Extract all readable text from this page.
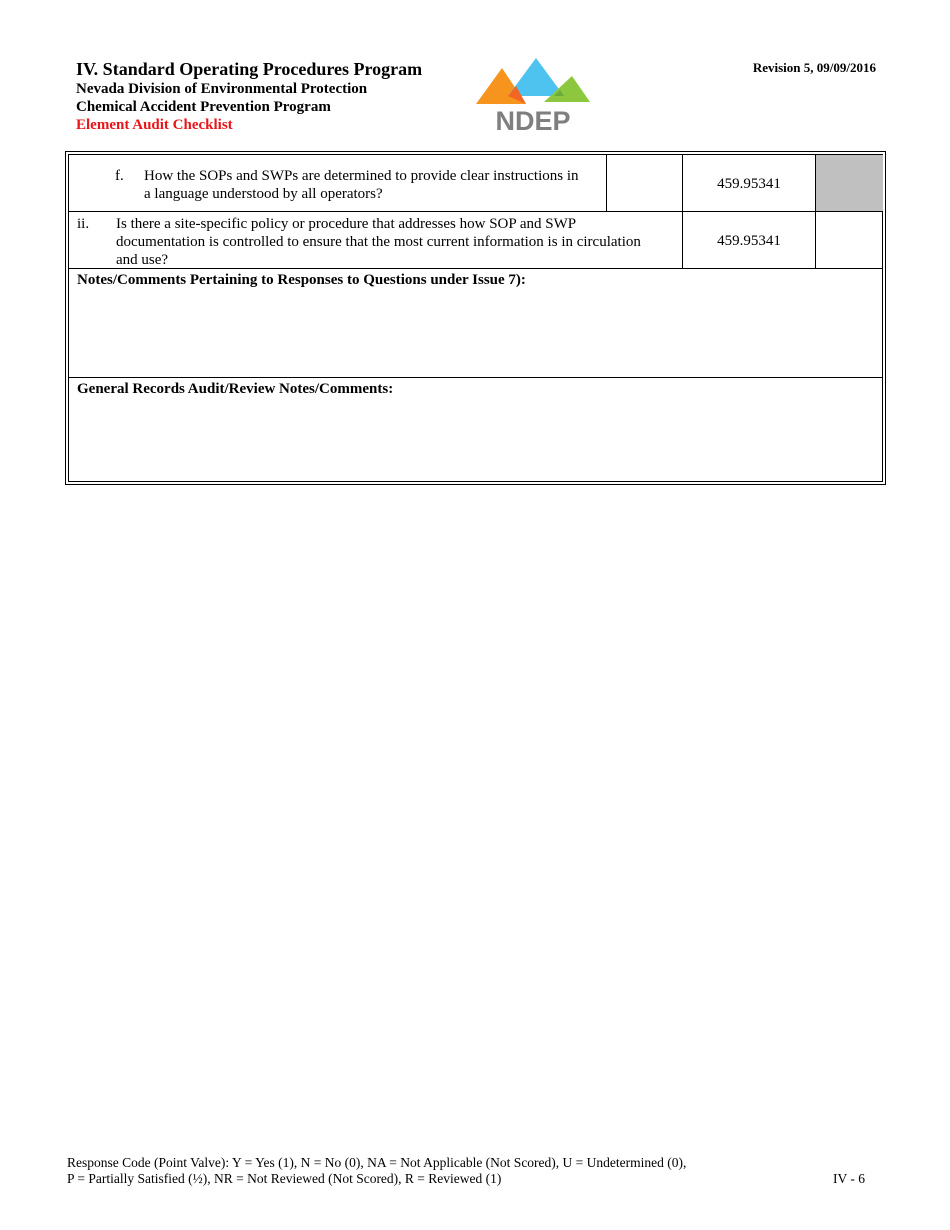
IV. Standard Operating Procedures Program
Nevada Division of Environmental Protection
Chemical Accident Prevention Program
Element Audit Checklist
Revision 5, 09/09/2016
NDEP
f. How the SOPs and SWPs are determined to provide clear instructions in
a language understood by all operators?
459.95341
ii. Is there a site-specific policy or procedure that addresses how SOP and SWP
documentation is controlled to ensure that the most current information is in circulation
and use?
459.95341
Notes/Comments Pertaining to Responses to Questions under Issue 7):
General Records Audit/Review Notes/Comments:
Response Code (Point Valve): Y = Yes (1), N = No (0), NA = Not Applicable (Not Scored), U = Undetermined (0),
P = Partially Satisfied (½), NR = Not Reviewed (Not Scored), R = Reviewed (1)	IV - 6
